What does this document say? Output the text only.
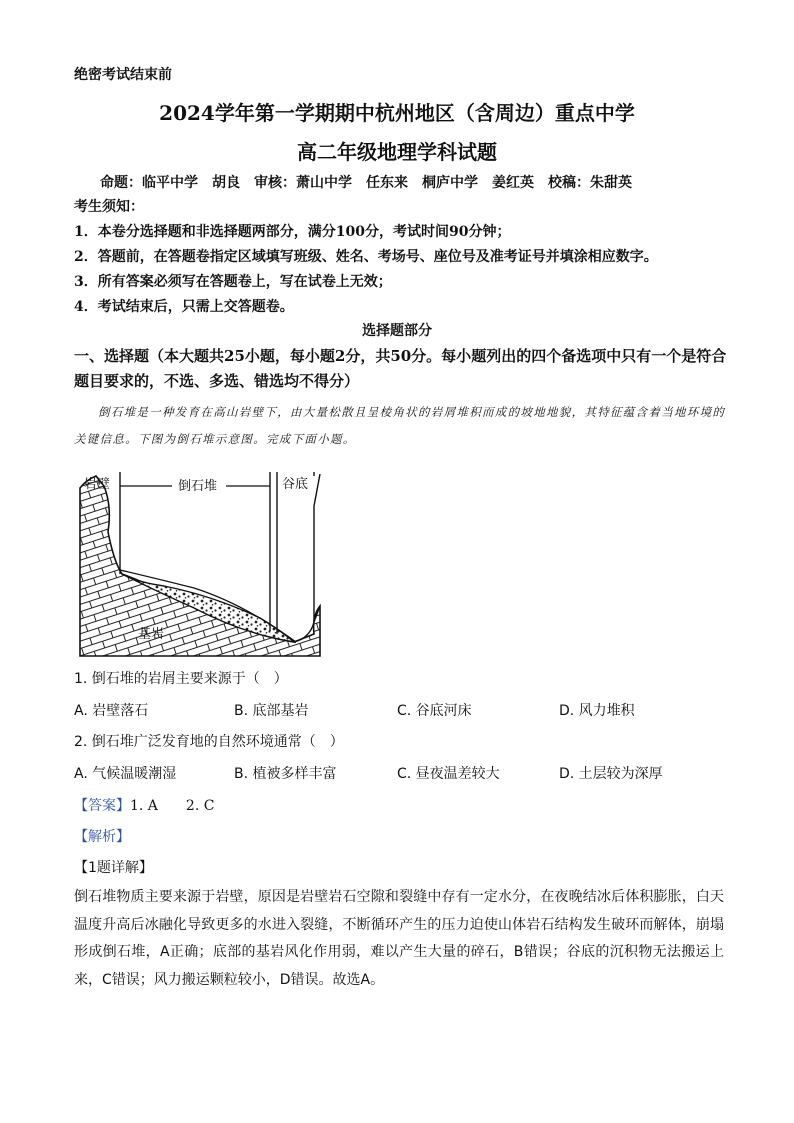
绝密考试结束前
2024学年第一学期期中杭州地区（含周边）重点中学
高二年级地理学科试题
命题：临平中学　胡良　审核：萧山中学　任东来　桐庐中学　姜红英　校稿：朱甜英
考生须知：
1．本卷分选择题和非选择题两部分，满分100分，考试时间90分钟；
2．答题前，在答题卷指定区域填写班级、姓名、考场号、座位号及准考证号并填涂相应数字。
3．所有答案必须写在答题卷上，写在试卷上无效；
4．考试结束后，只需上交答题卷。
选择题部分
一、选择题（本大题共25小题，每小题2分，共50分。每小题列出的四个备选项中只有一个是符合题目要求的，不选、多选、错选均不得分）
倒石堆是一种发育在高山岩壁下，由大量松散且呈棱角状的岩屑堆积而成的坡地地貌，其特征蕴含着当地环境的关键信息。下图为倒石堆示意图。完成下面小题。
岩壁	倒石堆	谷底
基岩
1. 倒石堆的岩屑主要来源于（　）
A. 岩壁落石	B. 底部基岩	C. 谷底河床	D. 风力堆积
2. 倒石堆广泛发育地的自然环境通常（　）
A. 气候温暖潮湿	B. 植被多样丰富	C. 昼夜温差较大	D. 土层较为深厚
【答案】1. A　　2. C
【解析】
【1题详解】
倒石堆物质主要来源于岩壁，原因是岩壁岩石空隙和裂缝中存有一定水分，在夜晚结冰后体积膨胀，白天温度升高后冰融化导致更多的水进入裂缝，不断循环产生的压力迫使山体岩石结构发生破环而解体，崩塌形成倒石堆，A正确；底部的基岩风化作用弱，难以产生大量的碎石，B错误；谷底的沉积物无法搬运上来，C错误；风力搬运颗粒较小，D错误。故选A。
